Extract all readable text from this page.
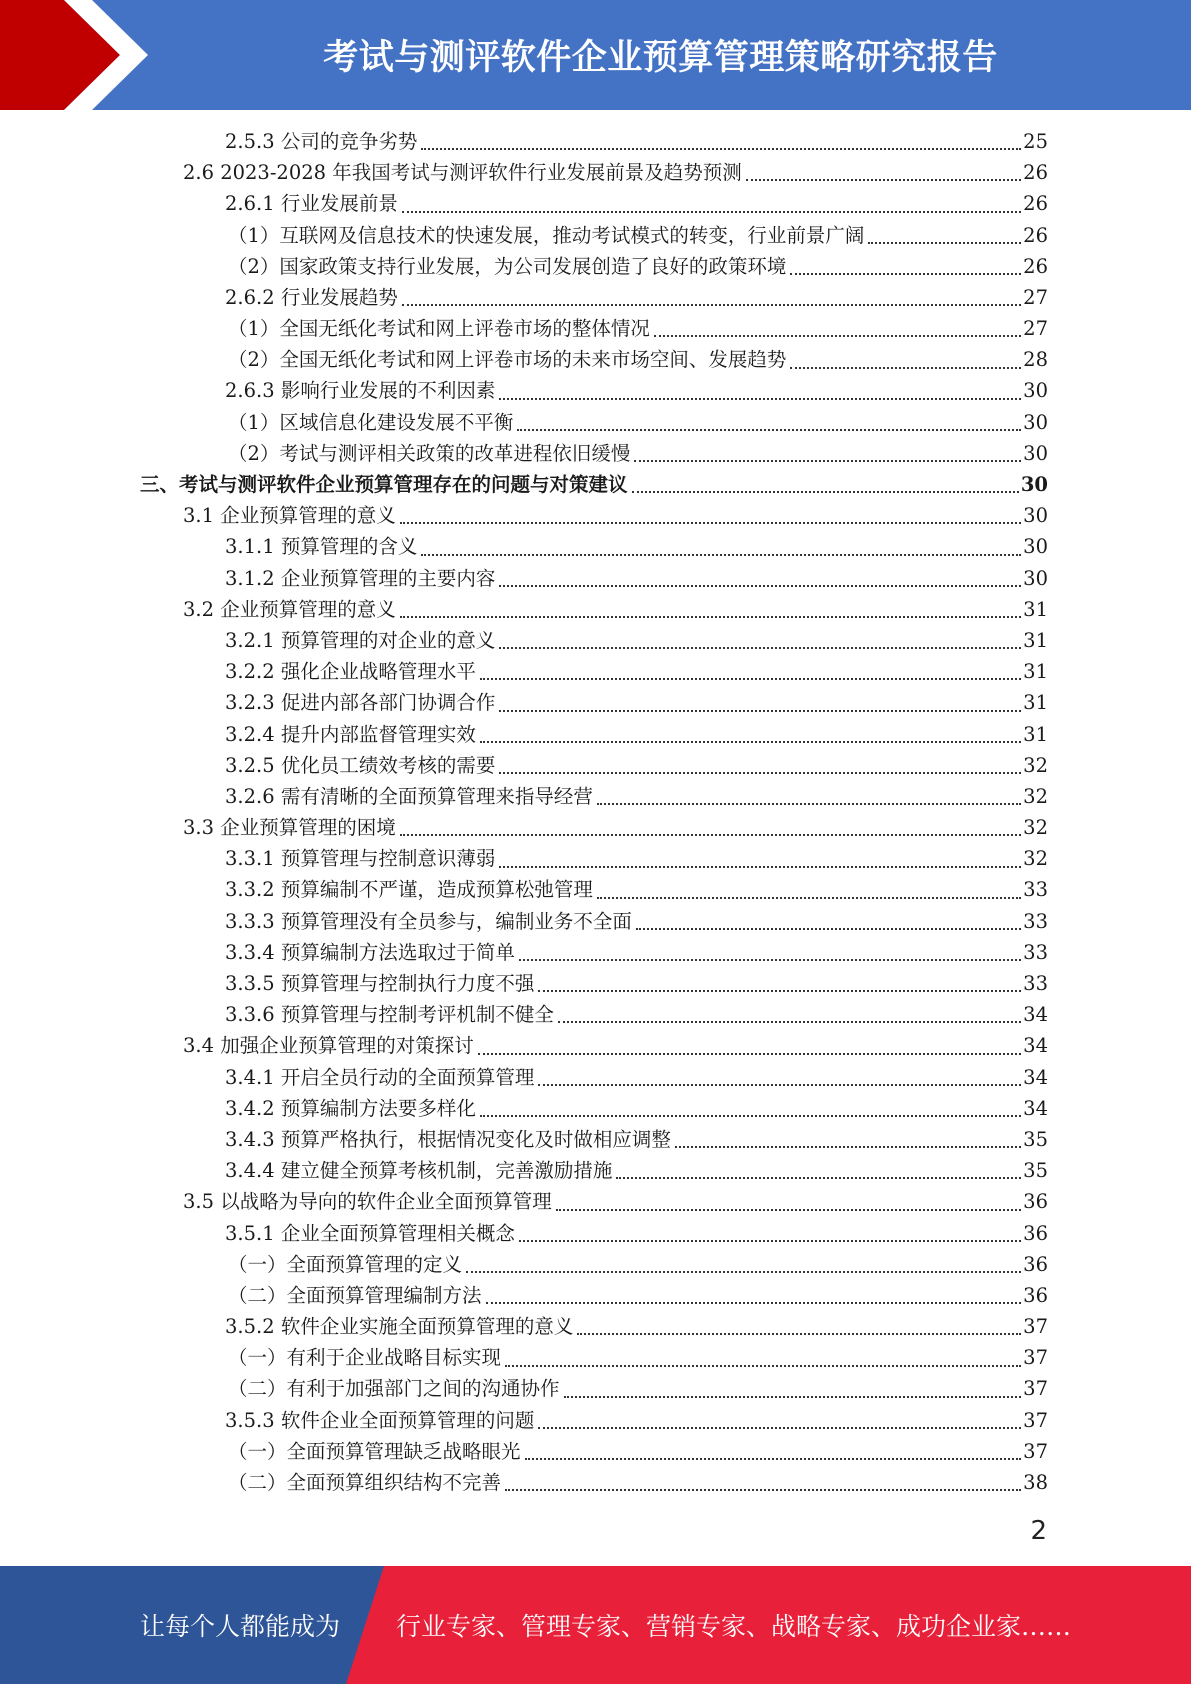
考试与测评软件企业预算管理策略研究报告
2.5.3 公司的竞争劣势	25
2.6 2023-2028 年我国考试与测评软件行业发展前景及趋势预测	26
2.6.1 行业发展前景	26
（1）互联网及信息技术的快速发展，推动考试模式的转变，行业前景广阔	26
（2）国家政策支持行业发展，为公司发展创造了良好的政策环境	26
2.6.2 行业发展趋势	27
（1）全国无纸化考试和网上评卷市场的整体情况	27
（2）全国无纸化考试和网上评卷市场的未来市场空间、发展趋势	28
2.6.3 影响行业发展的不利因素	30
（1）区域信息化建设发展不平衡	30
（2）考试与测评相关政策的改革进程依旧缓慢	30
三、考试与测评软件企业预算管理存在的问题与对策建议	30
3.1 企业预算管理的意义	30
3.1.1 预算管理的含义	30
3.1.2 企业预算管理的主要内容	30
3.2 企业预算管理的意义	31
3.2.1 预算管理的对企业的意义	31
3.2.2 强化企业战略管理水平	31
3.2.3 促进内部各部门协调合作	31
3.2.4 提升内部监督管理实效	31
3.2.5 优化员工绩效考核的需要	32
3.2.6 需有清晰的全面预算管理来指导经营	32
3.3 企业预算管理的困境	32
3.3.1 预算管理与控制意识薄弱	32
3.3.2 预算编制不严谨，造成预算松弛管理	33
3.3.3 预算管理没有全员参与，编制业务不全面	33
3.3.4 预算编制方法选取过于简单	33
3.3.5 预算管理与控制执行力度不强	33
3.3.6 预算管理与控制考评机制不健全	34
3.4 加强企业预算管理的对策探讨	34
3.4.1 开启全员行动的全面预算管理	34
3.4.2 预算编制方法要多样化	34
3.4.3 预算严格执行，根据情况变化及时做相应调整	35
3.4.4 建立健全预算考核机制，完善激励措施	35
3.5 以战略为导向的软件企业全面预算管理	36
3.5.1 企业全面预算管理相关概念	36
（一）全面预算管理的定义	36
（二）全面预算管理编制方法	36
3.5.2 软件企业实施全面预算管理的意义	37
（一）有利于企业战略目标实现	37
（二）有利于加强部门之间的沟通协作	37
3.5.3 软件企业全面预算管理的问题	37
（一）全面预算管理缺乏战略眼光	37
（二）全面预算组织结构不完善	38
2
让每个人都能成为 行业专家、管理专家、营销专家、战略专家、成功企业家……
